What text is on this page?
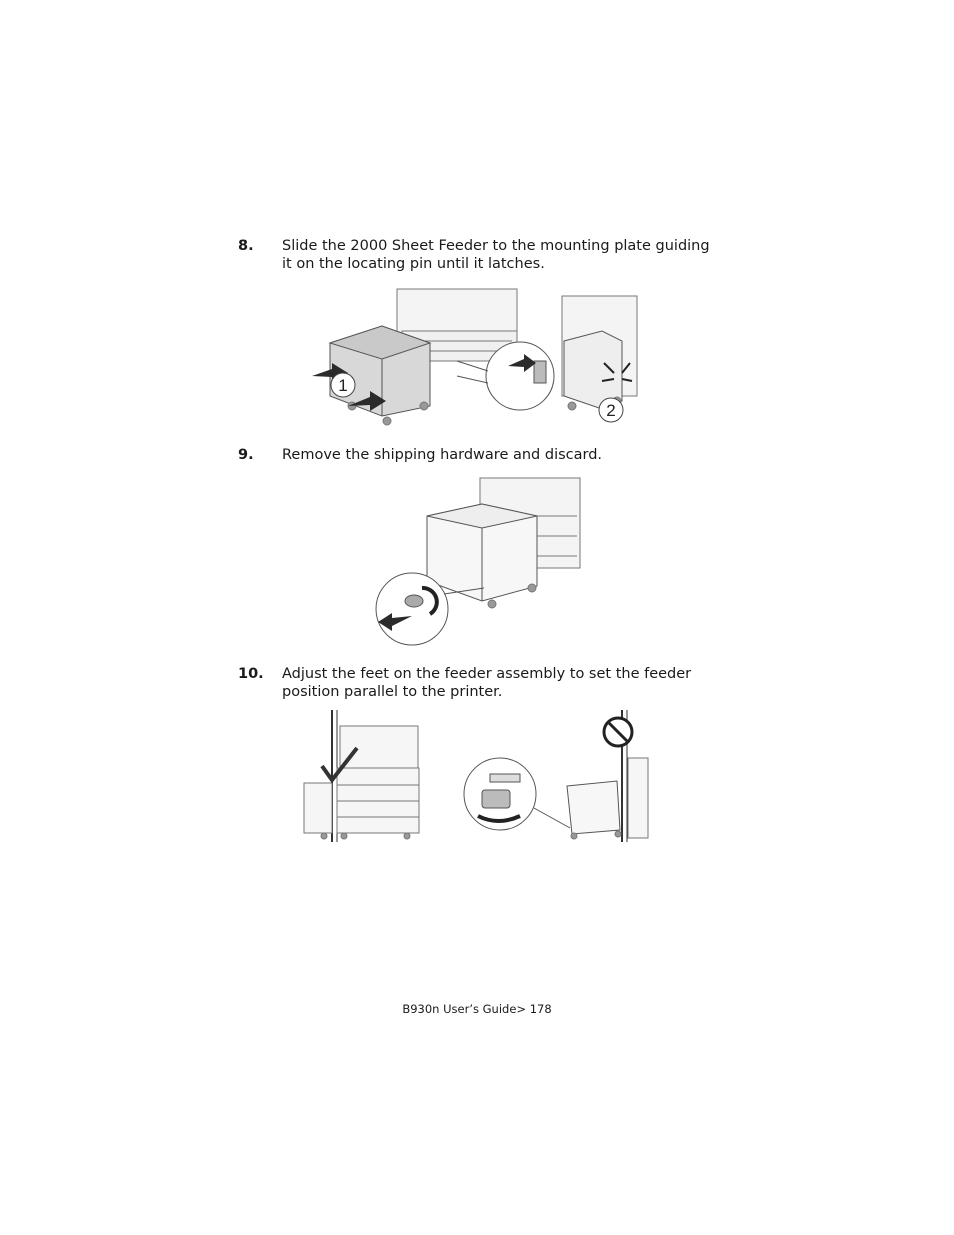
8. Slide the 2000 Sheet Feeder to the mounting plate guiding it on the locating pin until it latches.
1
2
9. Remove the shipping hardware and discard.
10. Adjust the feet on the feeder assembly to set the feeder position parallel to the printer.
B930n User’s Guide> 178
